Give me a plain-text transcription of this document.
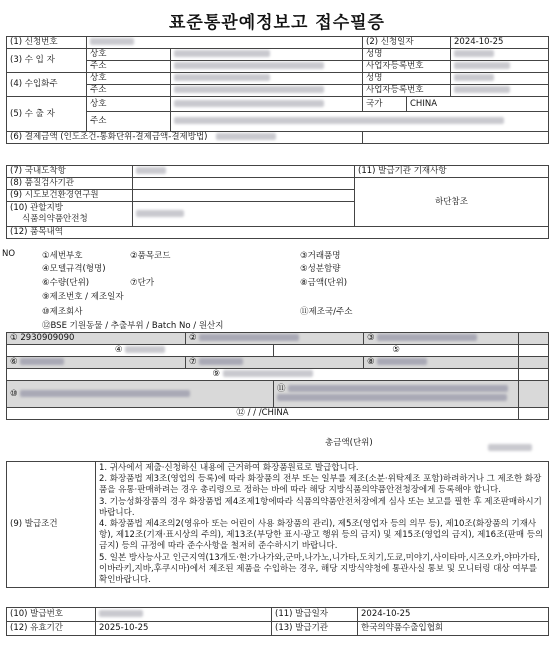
표준통관예정보고 접수필증
(1) 신청번호			(2) 신청일자		2024-10-25
(3) 수 입 자	상호		성명		
	주소		사업자등록번호		
(4) 수입화주	상호		성명		
	주소		사업자등록번호		
(5) 수 출 자	상호		국가	CHINA	
	주소				
(6) 결제금액 (인도조건-통화단위-결제금액-결제방법)					
(7) 국내도착항		(11) 발급기관 기재사항
(8) 품질검사기관		하단참조
(9) 시도보건환경연구원		

(10) 관할지방
식품의약품안전청		

(12) 품목내역		
NO	①세번부호	②품목코드	③거래품명
④모델규격(형명)	⑤성분함량
⑥수량(단위)	⑦단가	⑧금액(단위)
⑨제조번호 / 제조일자
⑩제조회사	⑪제조국/주소
⑫BSE 기원동물 / 추출부위 / Batch No / 원산지
① 2930909090	②		③	
④		⑤		
⑥	⑦		⑧	
⑨				
⑩		⑪	

⑫ / / /CHINA				
총금액(단위)
(9) 발급조건	
1. 귀사에서 제출·신청하신 내용에 근거하여 화장품원료로 발급합니다.
2. 화장품법 제3조(영업의 등록)에 따라 화장품의 전부 또는 일부를 제조(소분·위탁제조 포함)하려하거나 그 제조한 화장품을 유통·판매하려는 경우 총리령으로 정하는 바에 따라 해당 지방식품의약품안전청장에게 등록해야 합니다.
3. 기능성화장품의 경우 화장품법 제4조제1항에따라 식품의약품안전처장에게 심사 또는 보고를 필한 후 제조판매하시기 바랍니다.
4. 화장품법 제4조의2(영유아 또는 어린이 사용 화장품의 관리), 제5조(영업자 등의 의무 등), 제10조(화장품의 기재사항), 제12조(기재·표시상의 주의), 제13조(부당한 표시·광고 행위 등의 금지) 및 제15조(영업의 금지), 제16조(판매 등의 금지) 등의 규정에 따라 준수사항을 철저히 준수하시기 바랍니다.
5. 일본 방사능사고 인근지역(13개도·현:가나가와,군마,나가노,니가타,도치기,도쿄,미야기,사이타마,시즈오카,야마가타,이바라키,지바,후쿠시마)에서 제조된 제품을 수입하는 경우, 해당 지방식약청에 통관사실 통보 및 모니터링 대상 여부를 확인바랍니다.
(10) 발급번호		(11) 발급일자	2024-10-25
(12) 유효기간	2025-10-25	(13) 발급기관	한국의약품수출입협회
